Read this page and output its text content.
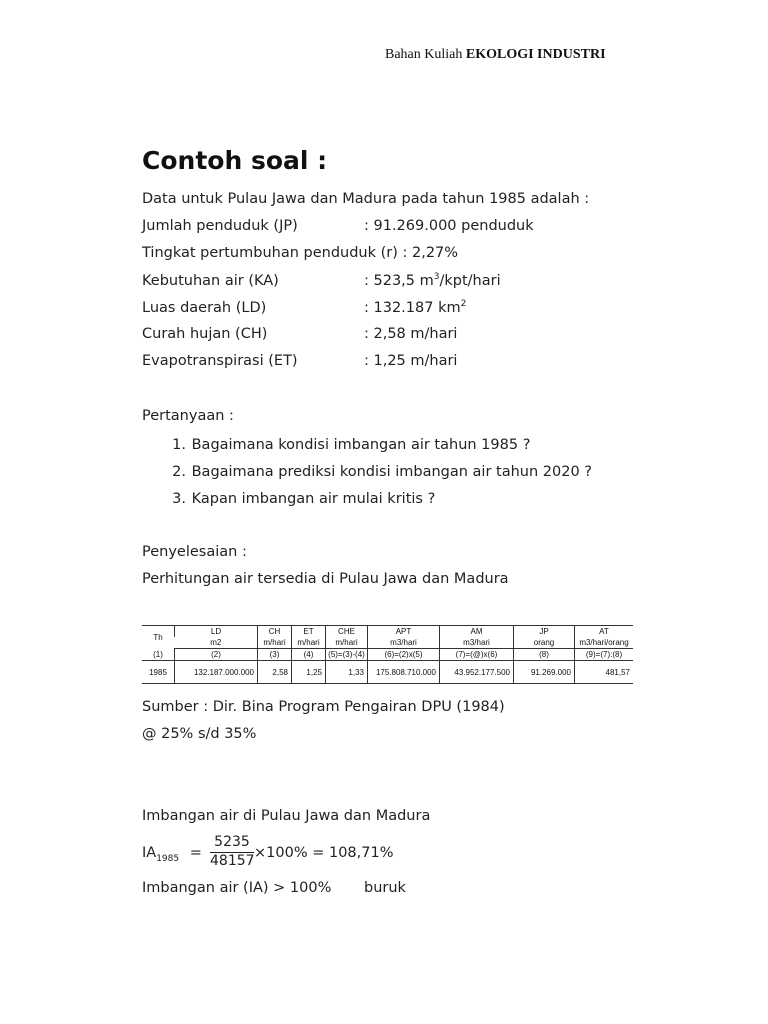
Bahan Kuliah EKOLOGI INDUSTRI
Contoh soal :
Data untuk Pulau Jawa dan Madura pada tahun 1985 adalah :
Jumlah penduduk (JP)	: 91.269.000 penduduk
Tingkat pertumbuhan penduduk (r) : 2,27%
Kebutuhan air (KA)	: 523,5 $m^3/kpt$/hari
Luas daerah (LD)	: 132.187 $km^2$
Curah hujan (CH)	: 2,58 m/hari
Evapotranspirasi (ET)	: 1,25 m/hari
Pertanyaan :
1. Bagaimana kondisi imbangan air tahun 1985 ?
2. Bagaimana prediksi kondisi imbangan air tahun 2020 ?
3. Kapan imbangan air mulai kritis ?
Penyelesaian :
Perhitungan air tersedia di Pulau Jawa dan Madura
Th	LD	CH	ET	CHE	APT	AM	JP	AT
	m2	m/hari	m/hari	m/hari	m3/hari	m3/hari	orang	m3/hari/orang
(1)	(2)	(3)	(4)	(5)=(3)-(4)	(6)=(2)x(5)	(7)=(@)x(6)	(8)	(9)=(7):(8)
1985	132.187.000.000	2,58	1,25	1,33	175.808.710.000	43.952.177.500	91.269.000	481,57
Sumber : Dir. Bina Program Pengairan DPU (1984)
@ 25% s/d 35%
Imbangan air di Pulau Jawa dan Madura
$IA_{1985}$ =
5235
48157 ×100% = 108,71%
Imbangan air (IA) > 100% buruk
